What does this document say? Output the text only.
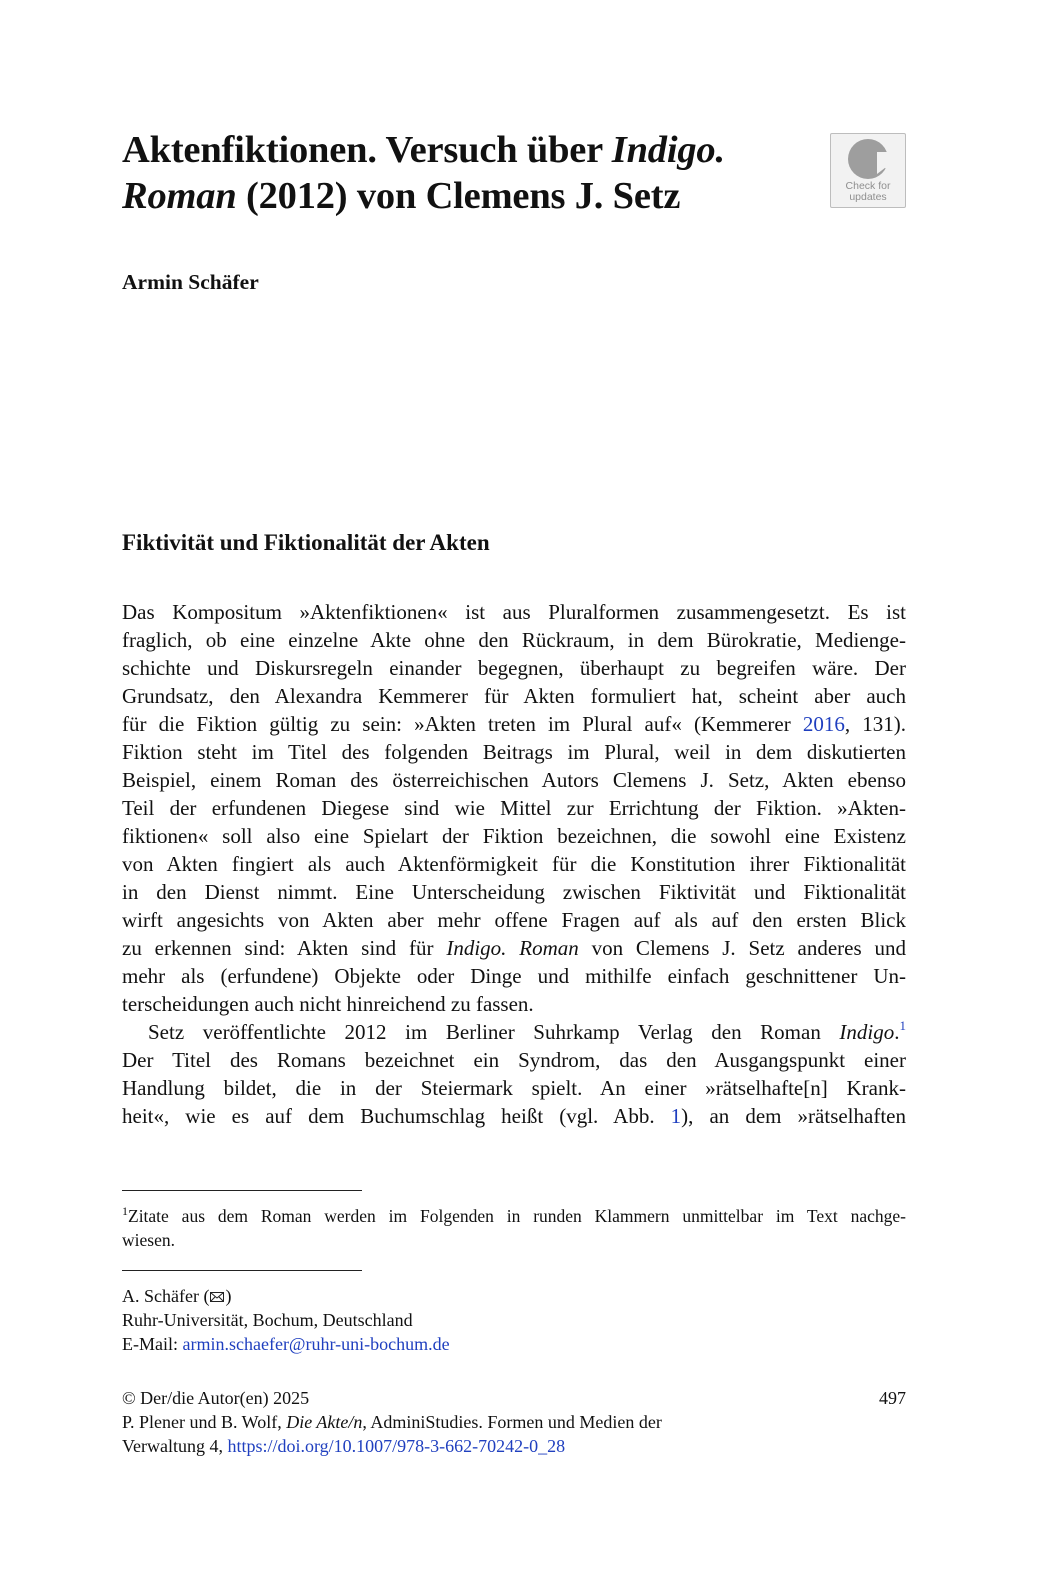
Aktenfiktionen. Versuch über Indigo.
Roman (2012) von Clemens J. Setz	Check for
updates

Armin Schäfer

Fiktivität und Fiktionalität der Akten
Das Kompositum »Aktenfiktionen« ist aus Pluralformen zusammengesetzt. Es ist
fraglich, ob eine einzelne Akte ohne den Rückraum, in dem Bürokratie, Medienge-
schichte und Diskursregeln einander begegnen, überhaupt zu begreifen wäre. Der
Grundsatz, den Alexandra Kemmerer für Akten formuliert hat, scheint aber auch
für die Fiktion gültig zu sein: »Akten treten im Plural auf« (Kemmerer 2016, 131).
Fiktion steht im Titel des folgenden Beitrags im Plural, weil in dem diskutierten
Beispiel, einem Roman des österreichischen Autors Clemens J. Setz, Akten ebenso
Teil der erfundenen Diegese sind wie Mittel zur Errichtung der Fiktion. »Akten-
fiktionen« soll also eine Spielart der Fiktion bezeichnen, die sowohl eine Existenz
von Akten fingiert als auch Aktenförmigkeit für die Konstitution ihrer Fiktionalität
in den Dienst nimmt. Eine Unterscheidung zwischen Fiktivität und Fiktionalität
wirft angesichts von Akten aber mehr offene Fragen auf als auf den ersten Blick
zu erkennen sind: Akten sind für Indigo. Roman von Clemens J. Setz anderes und
mehr als (erfundene) Objekte oder Dinge und mithilfe einfach geschnittener Un-
terscheidungen auch nicht hinreichend zu fassen.
Setz veröffentlichte 2012 im Berliner Suhrkamp Verlag den Roman Indigo.$^1$
Der Titel des Romans bezeichnet ein Syndrom, das den Ausgangspunkt einer
Handlung bildet, die in der Steiermark spielt. An einer »rätselhafte[n] Krank-
heit«, wie es auf dem Buchumschlag heißt (vgl. Abb. 1), an dem »rätselhaften
$^1$Zitate aus dem Roman werden im Folgenden in runden Klammern unmittelbar im Text nachge-
wiesen.
A. Schäfer ( )
Ruhr-Universität, Bochum, Deutschland
E-Mail: armin.schaefer@ruhr-uni-bochum.de
© Der/die Autor(en) 2025	497
P. Plener und B. Wolf, Die Akte/n, AdminiStudies. Formen und Medien der
Verwaltung 4, https://doi.org/10.1007/978-3-662-70242-0_28
